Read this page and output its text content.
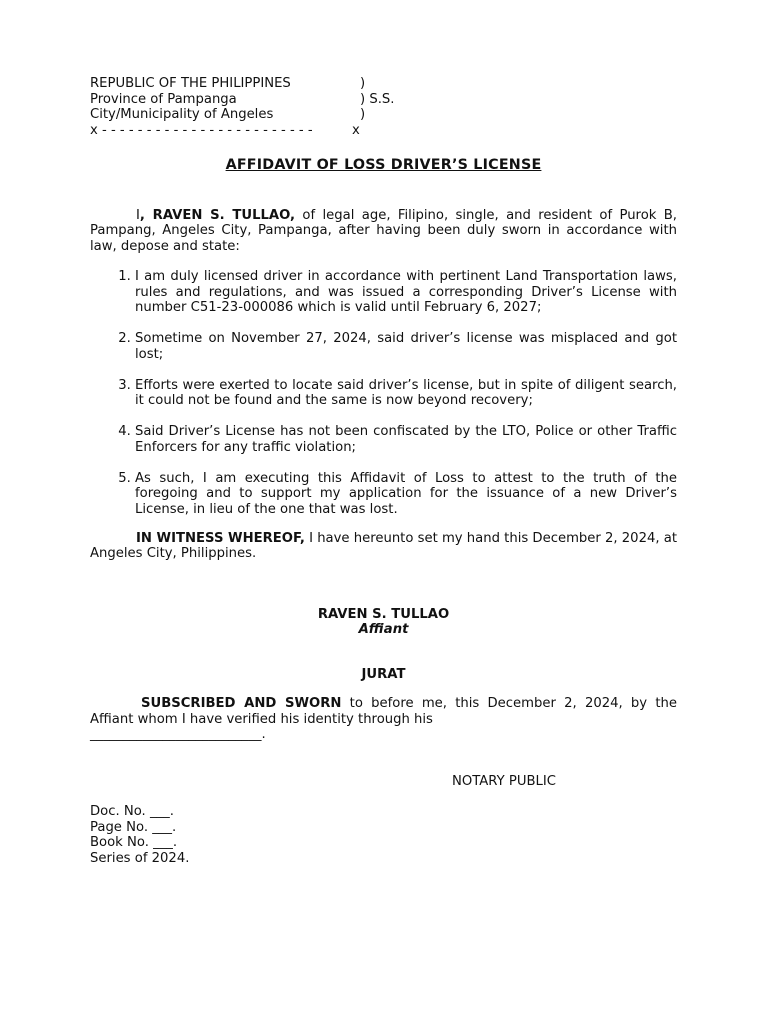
REPUBLIC OF THE PHILIPPINES	)
Province of Pampanga	) S.S.
City/Municipality of Angeles	)
x - - - - - - - - - - - - - - - - - - - - - - - -	x
AFFIDAVIT OF LOSS DRIVER’S LICENSE

I, RAVEN S. TULLAO, of legal age, Filipino, single, and resident of Purok B, Pampang, Angeles City, Pampanga, after having been duly sworn in accordance with law, depose and state:

1. I am duly licensed driver in accordance with pertinent Land Transportation laws, rules and regulations, and was issued a corresponding Driver’s License with number C51-23-000086 which is valid until February 6, 2027;
2. Sometime on November 27, 2024, said driver’s license was misplaced and got lost;
3. Efforts were exerted to locate said driver’s license, but in spite of diligent search, it could not be found and the same is now beyond recovery;
4. Said Driver’s License has not been confiscated by the LTO, Police or other Traffic Enforcers for any traffic violation;
5. As such, I am executing this Affidavit of Loss to attest to the truth of the foregoing and to support my application for the issuance of a new Driver’s License, in lieu of the one that was lost.

IN WITNESS WHEREOF, I have hereunto set my hand this December 2, 2024, at Angeles City, Philippines.

RAVEN S. TULLAO
Affiant
JURAT

SUBSCRIBED AND SWORN to before me, this December 2, 2024, by the Affiant whom I have verified his identity through his
__________________________.

NOTARY PUBLIC
Doc. No. ___.
Page No. ___.
Book No. ___.
Series of 2024.
